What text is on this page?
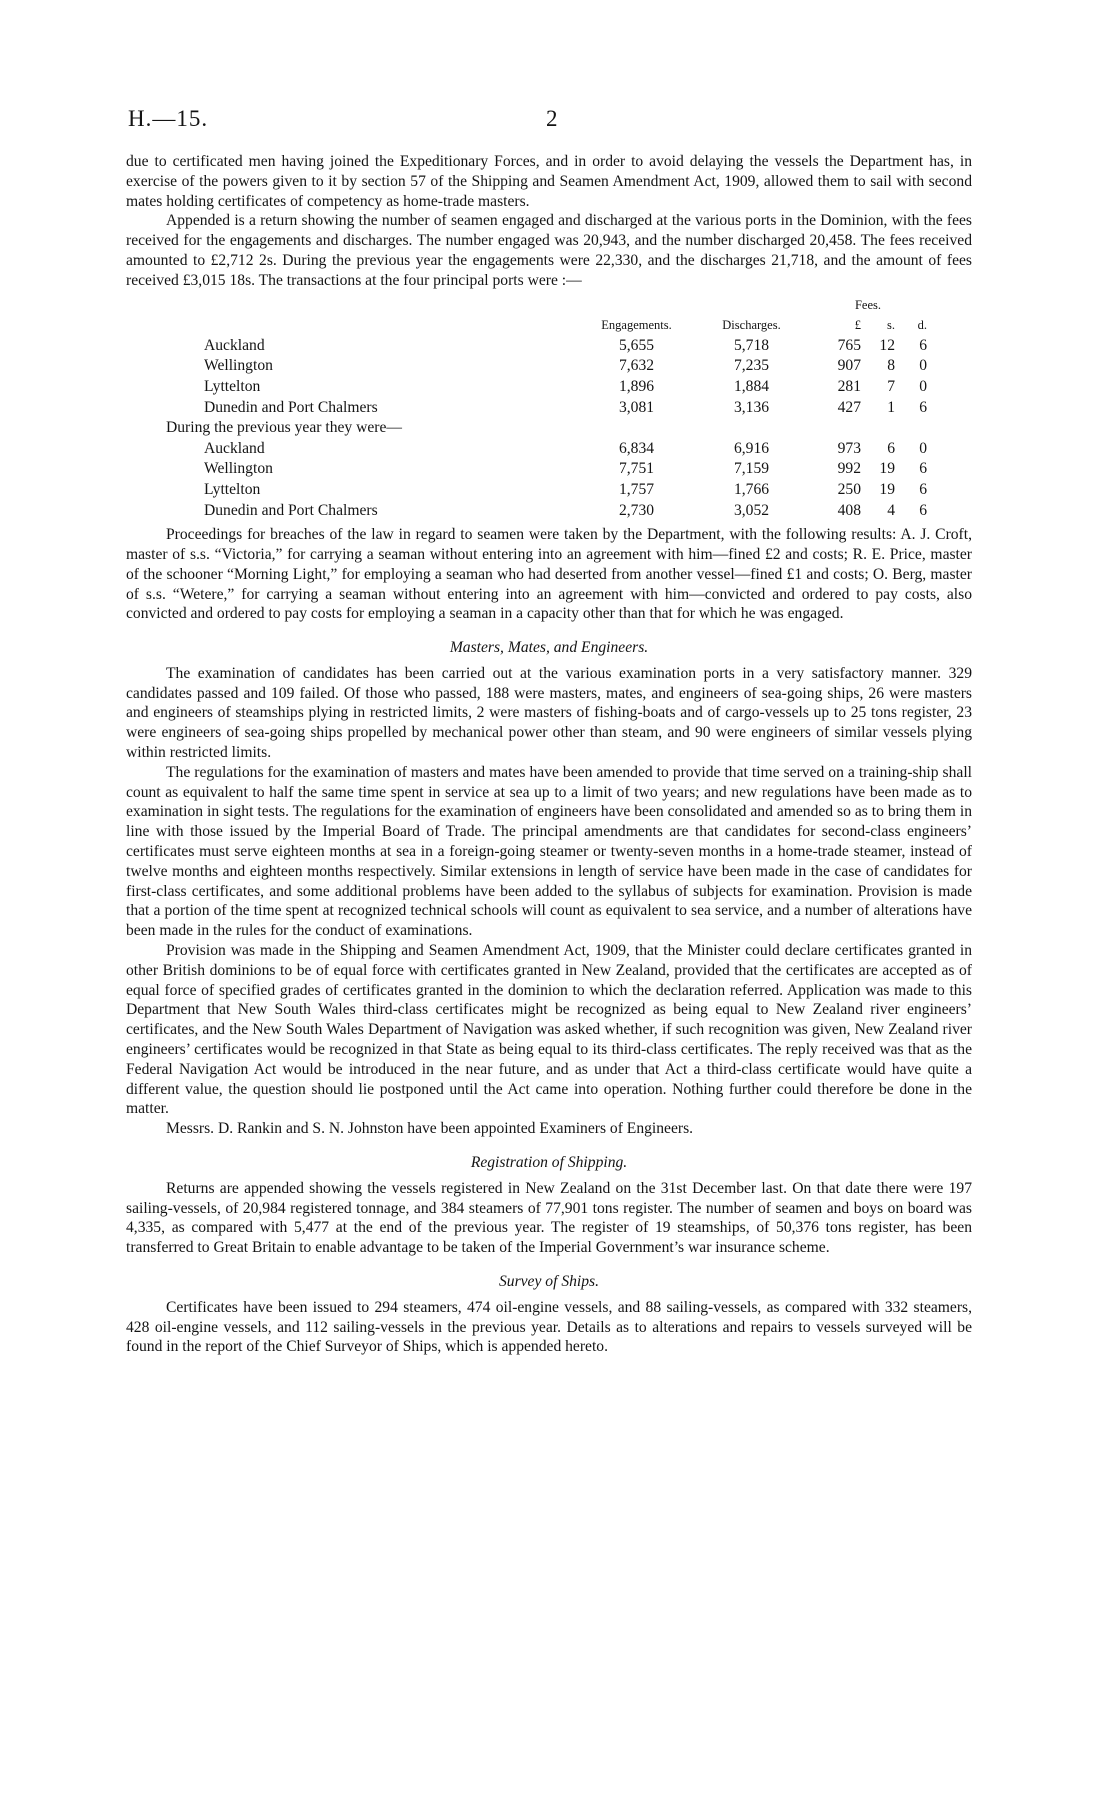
H.—15.	2

due to certificated men having joined the Expeditionary Forces, and in order to avoid delaying the vessels the Department has, in exercise of the powers given to it by section 57 of the Shipping and Seamen Amendment Act, 1909, allowed them to sail with second mates holding certificates of competency as home-trade masters.

Appended is a return showing the number of seamen engaged and discharged at the various ports in the Dominion, with the fees received for the engagements and discharges. The number engaged was 20,943, and the number discharged 20,458. The fees received amounted to £2,712 2s. During the previous year the engagements were 22,330, and the discharges 21,718, and the amount of fees received £3,015 18s. The transactions at the four principal ports were :—

			Fees.		
	Engagements.	Discharges.	£	s.	d.
Auckland	5,655	5,718	765	12	6
Wellington	7,632	7,235	907	8	0
Lyttelton	1,896	1,884	281	7	0
Dunedin and Port Chalmers	3,081	3,136	427	1	6
During the previous year they were—					
Auckland	6,834	6,916	973	6	0
Wellington	7,751	7,159	992	19	6
Lyttelton	1,757	1,766	250	19	6
Dunedin and Port Chalmers	2,730	3,052	408	4	6

Proceedings for breaches of the law in regard to seamen were taken by the Department, with the following results: A. J. Croft, master of s.s. “Victoria,” for carrying a seaman without entering into an agreement with him—fined £2 and costs; R. E. Price, master of the schooner “Morning Light,” for employing a seaman who had deserted from another vessel—fined £1 and costs; O. Berg, master of s.s. “Wetere,” for carrying a seaman without entering into an agreement with him—convicted and ordered to pay costs, also convicted and ordered to pay costs for employing a seaman in a capacity other than that for which he was engaged.

Masters, Mates, and Engineers.

The examination of candidates has been carried out at the various examination ports in a very satisfactory manner. 329 candidates passed and 109 failed. Of those who passed, 188 were masters, mates, and engineers of sea-going ships, 26 were masters and engineers of steamships plying in restricted limits, 2 were masters of fishing-boats and of cargo-vessels up to 25 tons register, 23 were engineers of sea-going ships propelled by mechanical power other than steam, and 90 were engineers of similar vessels plying within restricted limits.

The regulations for the examination of masters and mates have been amended to provide that time served on a training-ship shall count as equivalent to half the same time spent in service at sea up to a limit of two years; and new regulations have been made as to examination in sight tests. The regulations for the examination of engineers have been consolidated and amended so as to bring them in line with those issued by the Imperial Board of Trade. The principal amendments are that candidates for second-class engineers’ certificates must serve eighteen months at sea in a foreign-going steamer or twenty-seven months in a home-trade steamer, instead of twelve months and eighteen months respectively. Similar extensions in length of service have been made in the case of candidates for first-class certificates, and some additional problems have been added to the syllabus of subjects for examination. Provision is made that a portion of the time spent at recognized technical schools will count as equivalent to sea service, and a number of alterations have been made in the rules for the conduct of examinations.

Provision was made in the Shipping and Seamen Amendment Act, 1909, that the Minister could declare certificates granted in other British dominions to be of equal force with certificates granted in New Zealand, provided that the certificates are accepted as of equal force of specified grades of certificates granted in the dominion to which the declaration referred. Application was made to this Department that New South Wales third-class certificates might be recognized as being equal to New Zealand river engineers’ certificates, and the New South Wales Department of Navigation was asked whether, if such recognition was given, New Zealand river engineers’ certificates would be recognized in that State as being equal to its third-class certificates. The reply received was that as the Federal Navigation Act would be introduced in the near future, and as under that Act a third-class certificate would have quite a different value, the question should lie postponed until the Act came into operation. Nothing further could therefore be done in the matter.

Messrs. D. Rankin and S. N. Johnston have been appointed Examiners of Engineers.

Registration of Shipping.

Returns are appended showing the vessels registered in New Zealand on the 31st December last. On that date there were 197 sailing-vessels, of 20,984 registered tonnage, and 384 steamers of 77,901 tons register. The number of seamen and boys on board was 4,335, as compared with 5,477 at the end of the previous year. The register of 19 steamships, of 50,376 tons register, has been transferred to Great Britain to enable advantage to be taken of the Imperial Government’s war insurance scheme.

Survey of Ships.

Certificates have been issued to 294 steamers, 474 oil-engine vessels, and 88 sailing-vessels, as compared with 332 steamers, 428 oil-engine vessels, and 112 sailing-vessels in the previous year. Details as to alterations and repairs to vessels surveyed will be found in the report of the Chief Surveyor of Ships, which is appended hereto.
